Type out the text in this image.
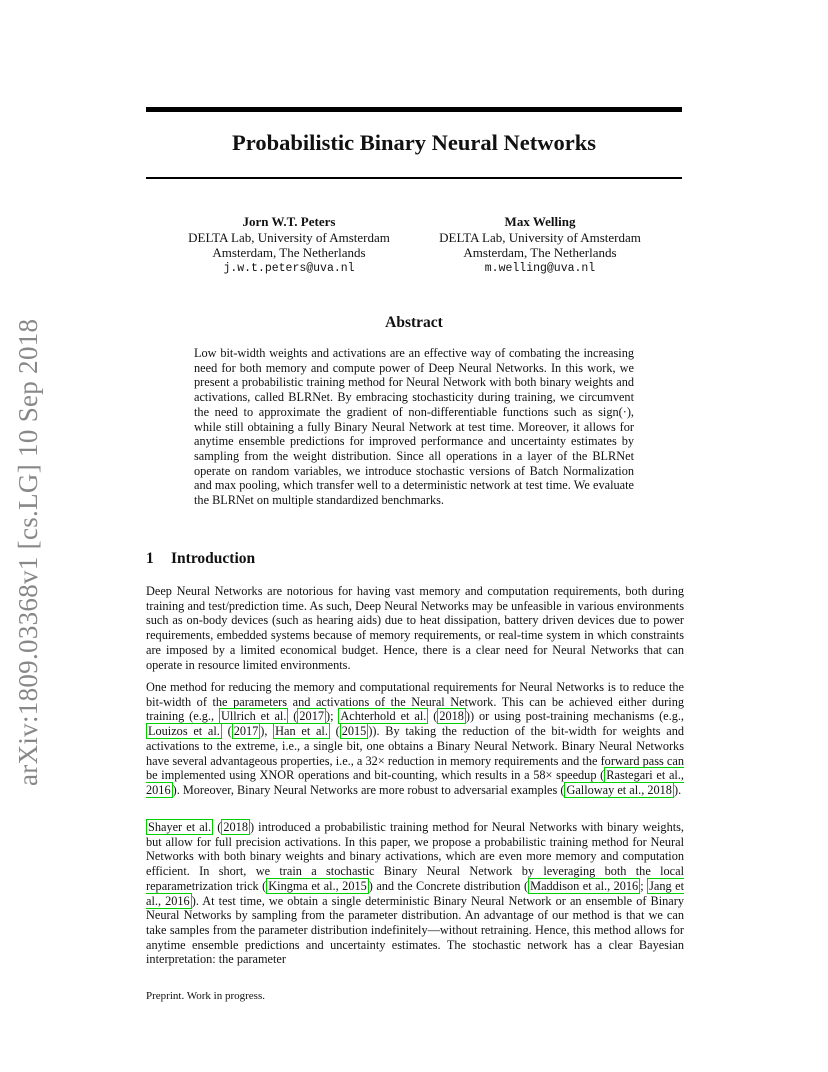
arXiv:1809.03368v1 [cs.LG] 10 Sep 2018
Probabilistic Binary Neural Networks
Jorn W.T. Peters
DELTA Lab, University of Amsterdam
Amsterdam, The Netherlands
j.w.t.peters@uva.nl
Max Welling
DELTA Lab, University of Amsterdam
Amsterdam, The Netherlands
m.welling@uva.nl
Abstract
Low bit-width weights and activations are an effective way of combating the increasing need for both memory and compute power of Deep Neural Networks. In this work, we present a probabilistic training method for Neural Network with both binary weights and activations, called BLRNet. By embracing stochasticity during training, we circumvent the need to approximate the gradient of non-differentiable functions such as sign(·), while still obtaining a fully Binary Neural Network at test time. Moreover, it allows for anytime ensemble predictions for improved performance and uncertainty estimates by sampling from the weight distribution. Since all operations in a layer of the BLRNet operate on random variables, we introduce stochastic versions of Batch Normalization and max pooling, which transfer well to a deterministic network at test time. We evaluate the BLRNet on multiple standardized benchmarks.
1 Introduction

Deep Neural Networks are notorious for having vast memory and computation requirements, both during training and test/prediction time. As such, Deep Neural Networks may be unfeasible in various environments such as on-body devices (such as hearing aids) due to heat dissipation, battery driven devices due to power requirements, embedded systems because of memory requirements, or real-time system in which constraints are imposed by a limited economical budget. Hence, there is a clear need for Neural Networks that can operate in resource limited environments.

One method for reducing the memory and computational requirements for Neural Networks is to reduce the bit-width of the parameters and activations of the Neural Network. This can be achieved either during training (e.g., Ullrich et al. ( 2017 ); Achterhold et al. ( 2018 )) or using post-training mechanisms (e.g., Louizos et al. ( 2017 ), Han et al. ( 2015 )). By taking the reduction of the bit-width for weights and activations to the extreme, i.e., a single bit, one obtains a Binary Neural Network. Binary Neural Networks have several advantageous properties, i.e., a 32× reduction in memory requirements and the forward pass can be implemented using XNOR operations and bit-counting, which results in a 58× speedup ( Rastegari et al., 2016 ). Moreover, Binary Neural Networks are more robust to adversarial examples ( Galloway et al., 2018 ).

Shayer et al. ( 2018 ) introduced a probabilistic training method for Neural Networks with binary weights, but allow for full precision activations. In this paper, we propose a probabilistic training method for Neural Networks with both binary weights and binary activations, which are even more memory and computation efficient. In short, we train a stochastic Binary Neural Network by leveraging both the local reparametrization trick ( Kingma et al., 2015 ) and the Concrete distribution ( Maddison et al., 2016 ; Jang et al., 2016 ). At test time, we obtain a single deterministic Binary Neural Network or an ensemble of Binary Neural Networks by sampling from the parameter distribution. An advantage of our method is that we can take samples from the parameter distribution indefinitely—without retraining. Hence, this method allows for anytime ensemble predictions and uncertainty estimates. The stochastic network has a clear Bayesian interpretation: the parameter

Preprint. Work in progress.
